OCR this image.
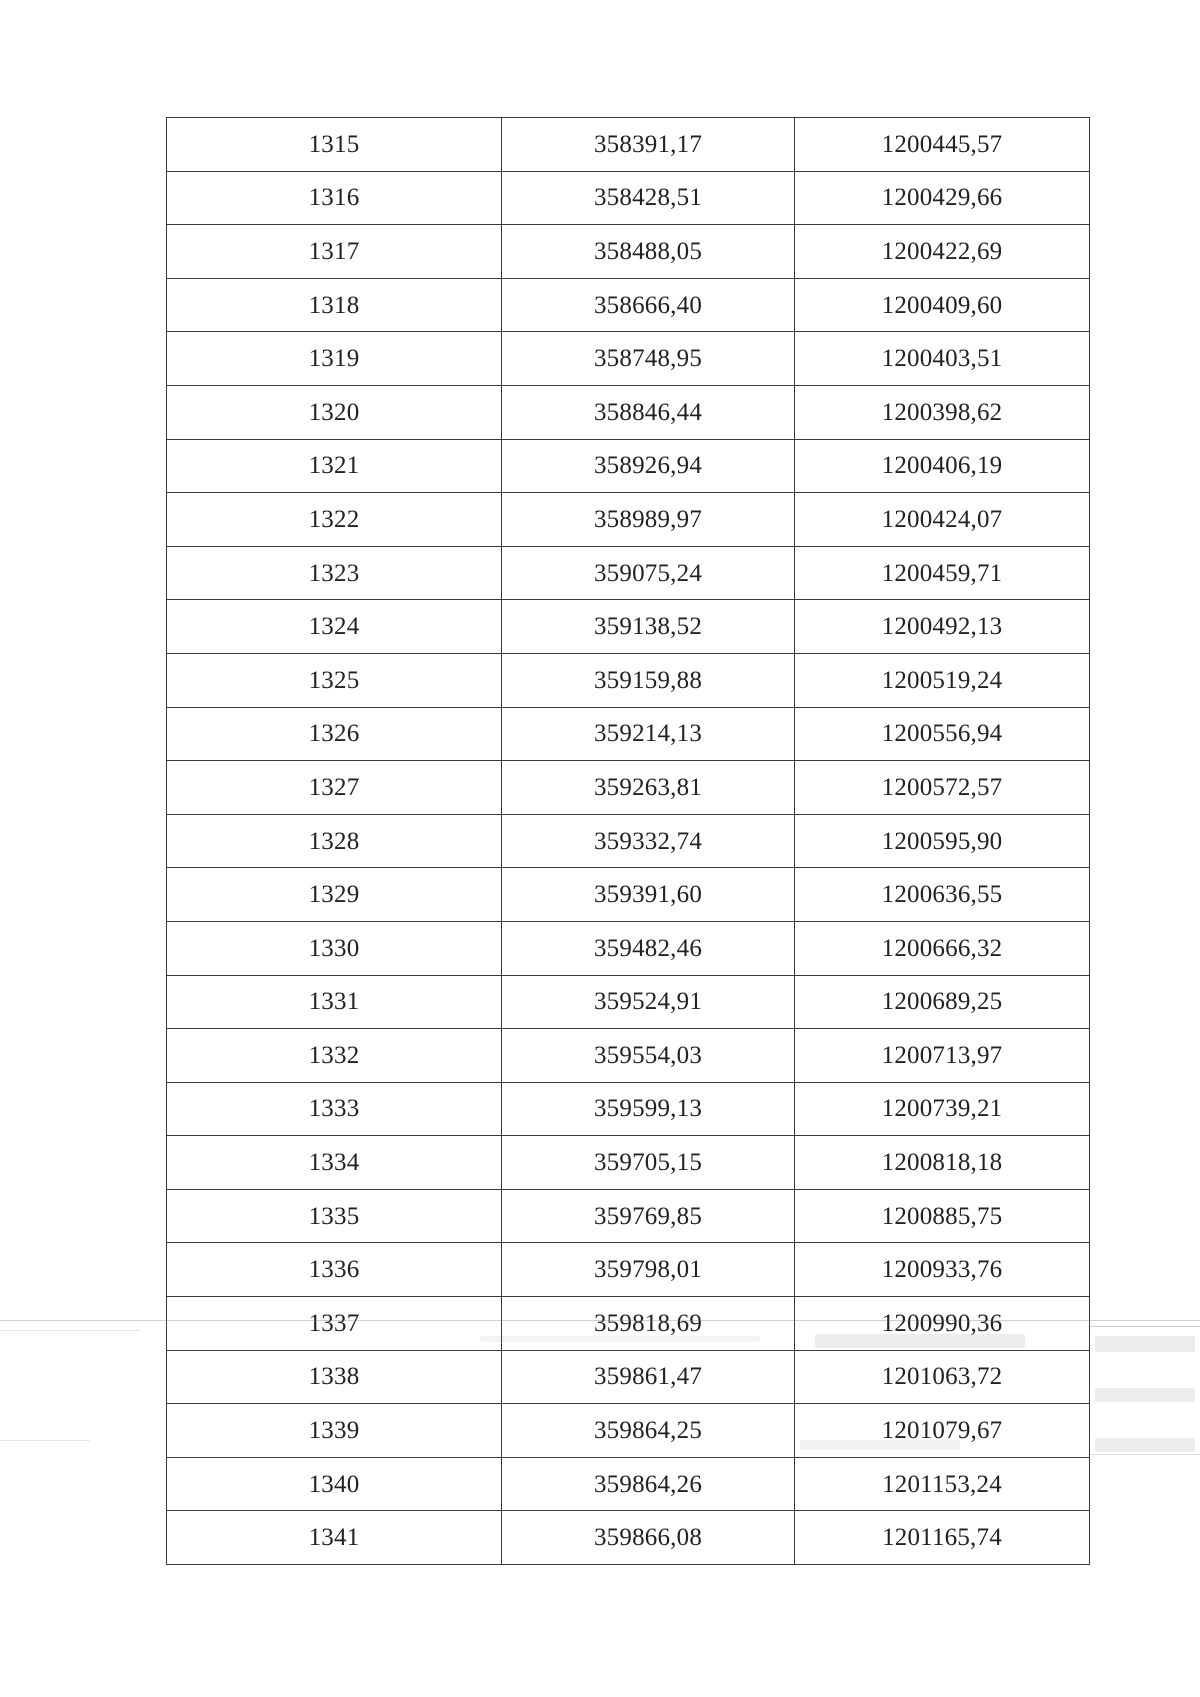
1315	358391,17	1200445,57
1316	358428,51	1200429,66
1317	358488,05	1200422,69
1318	358666,40	1200409,60
1319	358748,95	1200403,51
1320	358846,44	1200398,62
1321	358926,94	1200406,19
1322	358989,97	1200424,07
1323	359075,24	1200459,71
1324	359138,52	1200492,13
1325	359159,88	1200519,24
1326	359214,13	1200556,94
1327	359263,81	1200572,57
1328	359332,74	1200595,90
1329	359391,60	1200636,55
1330	359482,46	1200666,32
1331	359524,91	1200689,25
1332	359554,03	1200713,97
1333	359599,13	1200739,21
1334	359705,15	1200818,18
1335	359769,85	1200885,75
1336	359798,01	1200933,76
1337	359818,69	1200990,36
1338	359861,47	1201063,72
1339	359864,25	1201079,67
1340	359864,26	1201153,24
1341	359866,08	1201165,74
